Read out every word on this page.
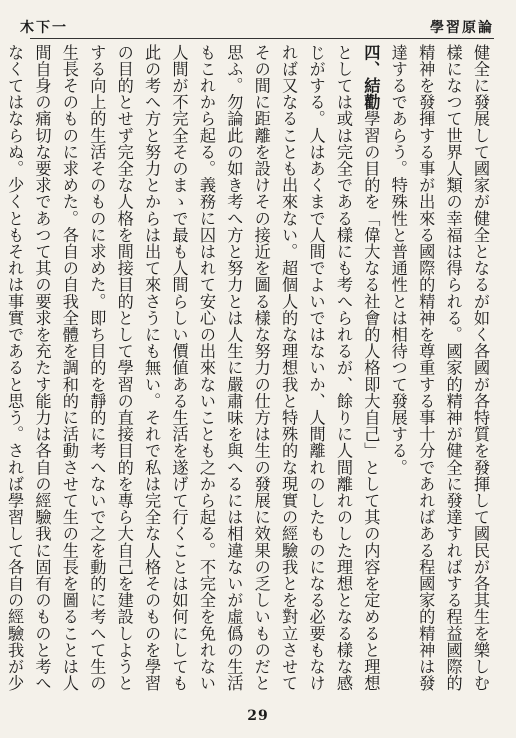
學習原論
木下一

健全に發展して國家が健全となるが如く各國が各特質を發揮して國民が各其生を樂しむ樣になつて世界人類の幸福は得られる。國家的精神が健全に發達すればする程益國際的精神を發揮する事が出來る國際的精神を尊重する事十分であればある程國家的精神は發達するであらう。特殊性と普通性とは相待つて發展する。

四、結勸學習の目的を「偉大なる社會的人格即大自己」として其の内容を定めると理想としては或は完全である樣にも考へられるが、餘りに人間離れのした理想となる樣な感じがする。人はあくまで人間でよいではないか、人間離れのしたものになる必要もなければ又なることも出來ない。超個人的な理想我と特殊的な現實の經驗我とを對立させてその間に距離を設けその接近を圖る樣な努力の仕方は生の發展に效果の乏しいものだと思ふ。勿論此の如き考へ方と努力とは人生に嚴肅味を與へるには相違ないが虛僞の生活もこれから起る。義務に囚はれて安心の出來ないことも之から起る。不完全を免れない人間が不完全そのまゝで最も人間らしい價値ある生活を遂げて行くことは如何にしても此の考へ方と努力とからは出て來さうにも無い。それで私は完全な人格そのものを學習の目的とせず完全な人格を間接目的として學習の直接目的を專ら大自己を建設しようとする向上的生活そのものに求めた。即ち目的を靜的に考へないで之を動的に考へて生の生長そのものに求めた。各自の自我全體を調和的に活動させて生の生長を圖ることは人間自身の痛切な要求であつて其の要求を充たす能力は各自の經驗我に固有のものと考へなくてはならぬ。少くともそれは事實であると思う。されば學習して各自の經驗我が少

29
